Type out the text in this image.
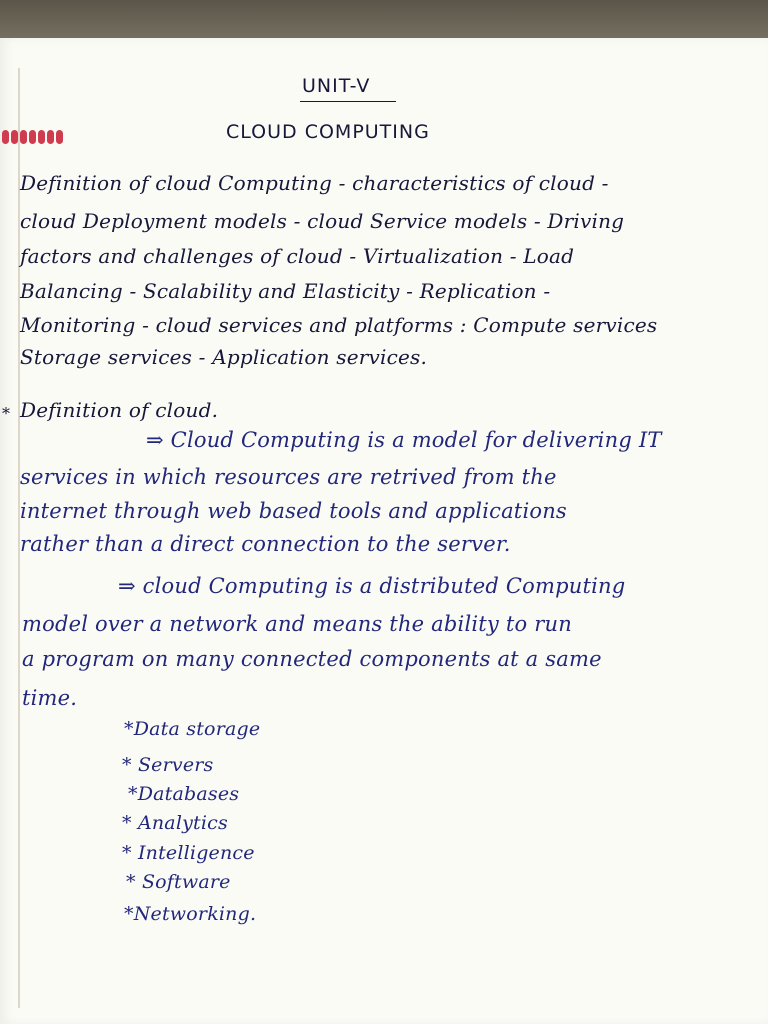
UNIT-V
CLOUD COMPUTING
Definition of cloud Computing - characteristics of cloud -
cloud Deployment models - cloud Service models - Driving
factors and challenges of cloud - Virtualization - Load
Balancing - Scalability and Elasticity - Replication -
Monitoring - cloud services and platforms : Compute services
Storage services - Application services.
* Definition of cloud.
⇒ Cloud Computing is a model for delivering IT
services in which resources are retrived from the
internet through web based tools and applications
rather than a direct connection to the server.
⇒ cloud Computing is a distributed Computing
model over a network and means the ability to run
a program on many connected components at a same
time.
*Data storage
* Servers
*Databases
* Analytics
* Intelligence
* Software
*Networking.
